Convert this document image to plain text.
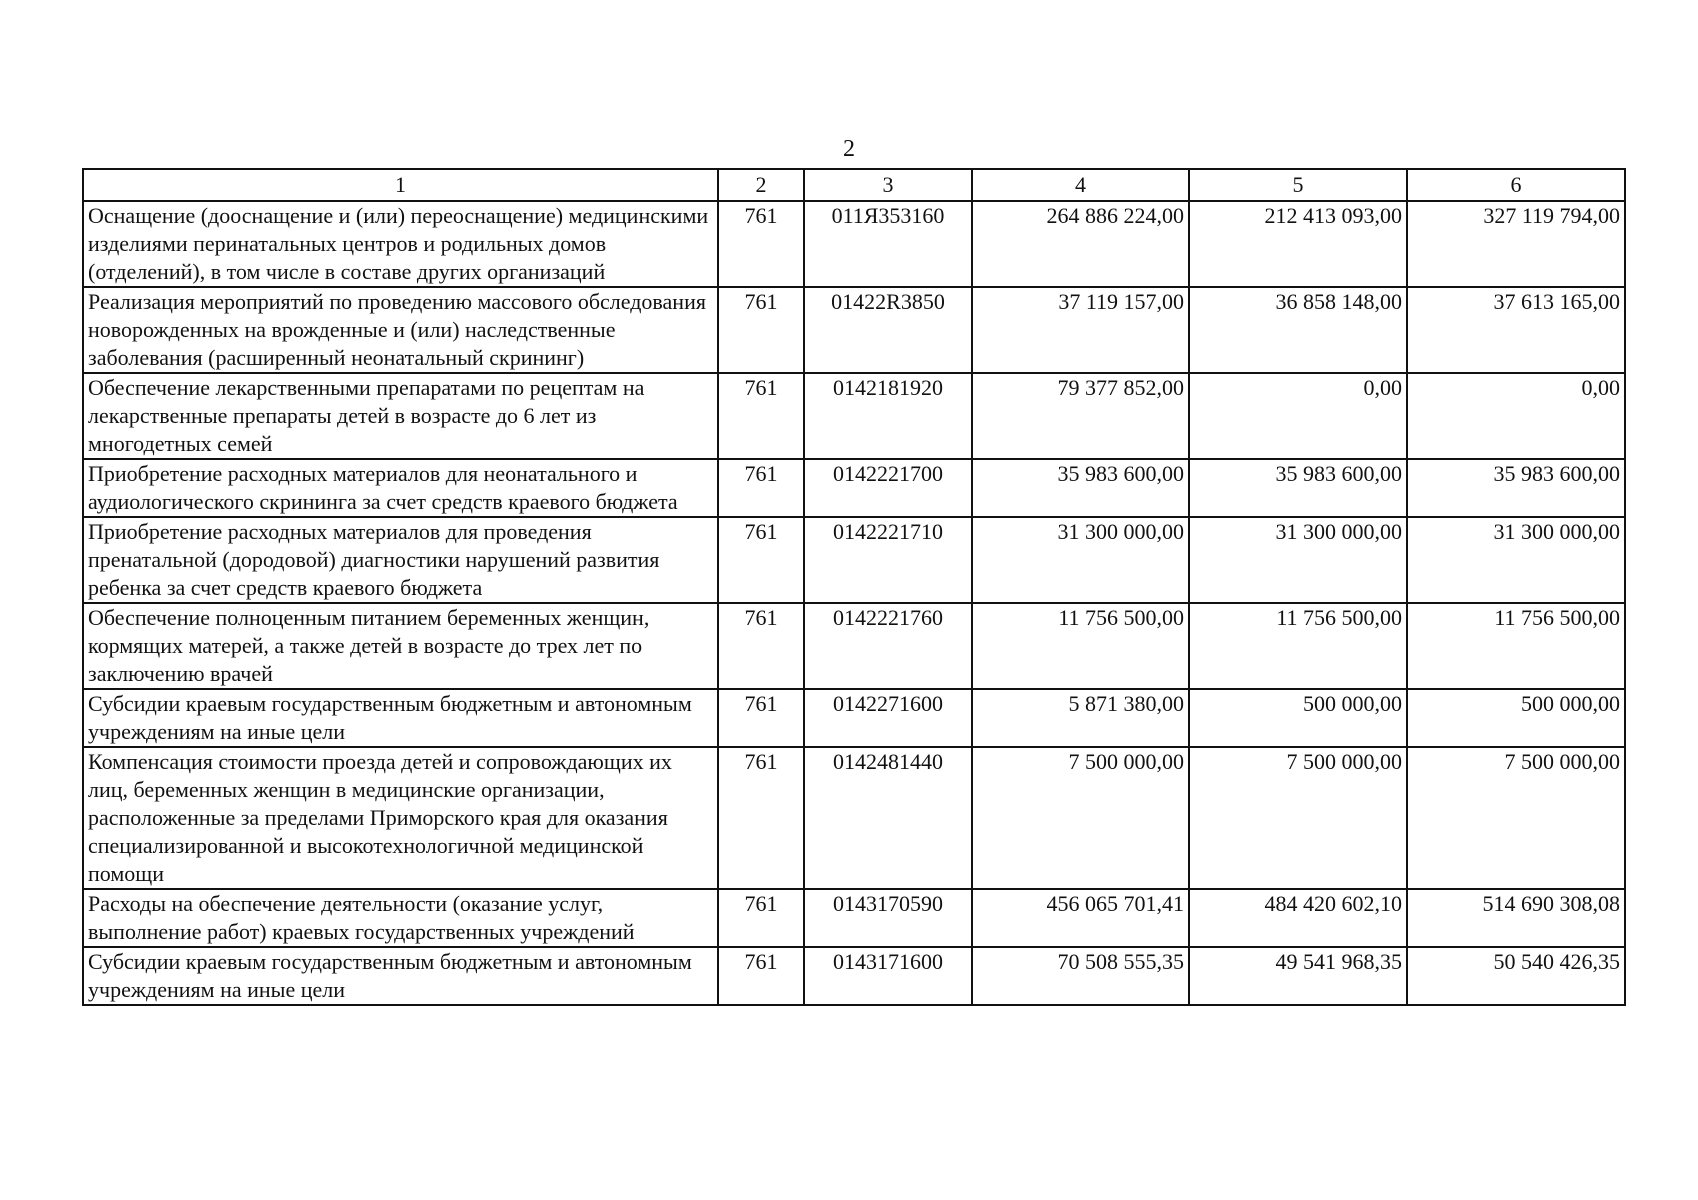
2
1	2	3	4	5	6
Оснащение (дооснащение и (или) переоснащение) медицинскими изделиями перинатальных центров и родильных домов (отделений), в том числе в составе других организаций	761	011Я353160	264 886 224,00	212 413 093,00	327 119 794,00
Реализация мероприятий по проведению массового обследования новорожденных на врожденные и (или) наследственные заболевания (расширенный неонатальный скрининг)	761	01422R3850	37 119 157,00	36 858 148,00	37 613 165,00
Обеспечение лекарственными препаратами по рецептам на лекарственные препараты детей в возрасте до 6 лет из многодетных семей	761	0142181920	79 377 852,00	0,00	0,00
Приобретение расходных материалов для неонатального и аудиологического скрининга за счет средств краевого бюджета	761	0142221700	35 983 600,00	35 983 600,00	35 983 600,00
Приобретение расходных материалов для проведения пренатальной (дородовой) диагностики нарушений развития ребенка за счет средств краевого бюджета	761	0142221710	31 300 000,00	31 300 000,00	31 300 000,00
Обеспечение полноценным питанием беременных женщин, кормящих матерей, а также детей в возрасте до трех лет по заключению врачей	761	0142221760	11 756 500,00	11 756 500,00	11 756 500,00
Субсидии краевым государственным бюджетным и автономным учреждениям на иные цели	761	0142271600	5 871 380,00	500 000,00	500 000,00
Компенсация стоимости проезда детей и сопровождающих их лиц, беременных женщин в медицинские организации, расположенные за пределами Приморского края для оказания специализированной и высокотехнологичной медицинской помощи	761	0142481440	7 500 000,00	7 500 000,00	7 500 000,00
Расходы на обеспечение деятельности (оказание услуг, выполнение работ) краевых государственных учреждений	761	0143170590	456 065 701,41	484 420 602,10	514 690 308,08
Субсидии краевым государственным бюджетным и автономным учреждениям на иные цели	761	0143171600	70 508 555,35	49 541 968,35	50 540 426,35
